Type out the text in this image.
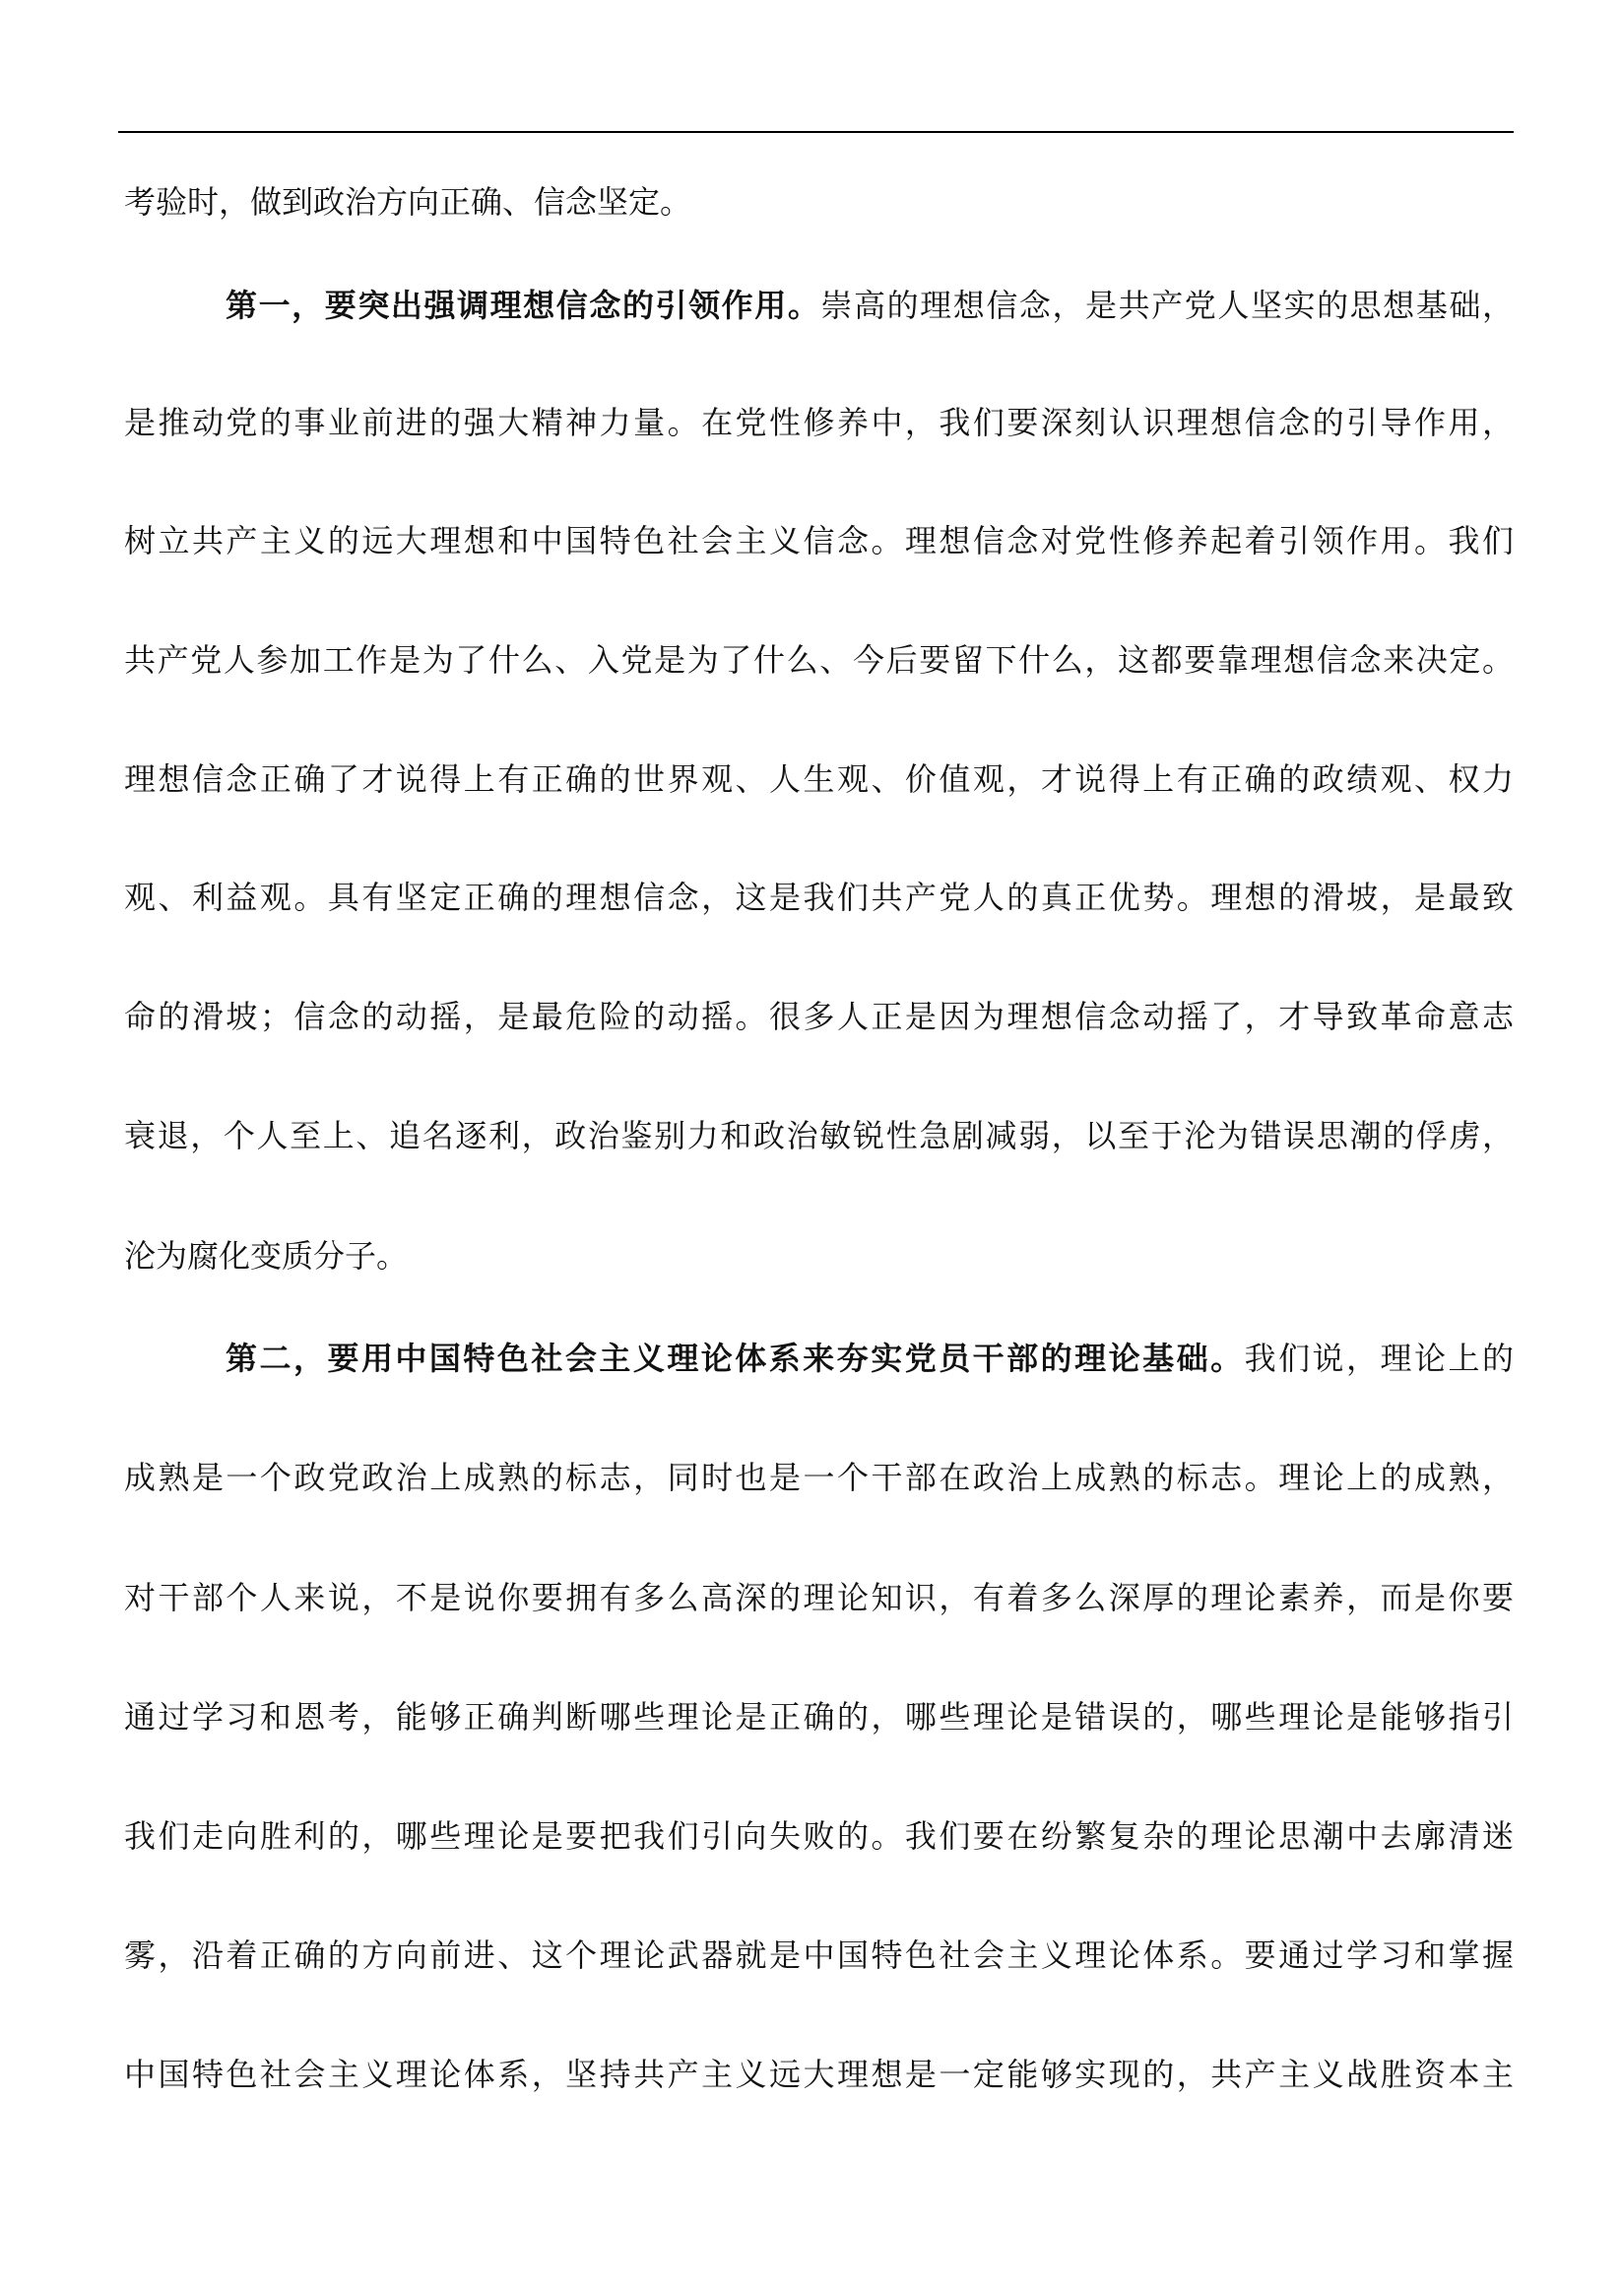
考验时，做到政治方向正确、信念坚定。
第一，要突出强调理想信念的引领作用。崇高的理想信念，是共产党人坚实的思想基础，
是推动党的事业前进的强大精神力量。在党性修养中，我们要深刻认识理想信念的引导作用，
树立共产主义的远大理想和中国特色社会主义信念。理想信念对党性修养起着引领作用。我们
共产党人参加工作是为了什么、入党是为了什么、今后要留下什么，这都要靠理想信念来决定。
理想信念正确了才说得上有正确的世界观、人生观、价值观，才说得上有正确的政绩观、权力
观、利益观。具有坚定正确的理想信念，这是我们共产党人的真正优势。理想的滑坡，是最致
命的滑坡；信念的动摇，是最危险的动摇。很多人正是因为理想信念动摇了，才导致革命意志
衰退，个人至上、追名逐利，政治鉴别力和政治敏锐性急剧减弱，以至于沦为错误思潮的俘虏，
沦为腐化变质分子。
第二，要用中国特色社会主义理论体系来夯实党员干部的理论基础。我们说，理论上的
成熟是一个政党政治上成熟的标志，同时也是一个干部在政治上成熟的标志。理论上的成熟，
对干部个人来说，不是说你要拥有多么高深的理论知识，有着多么深厚的理论素养，而是你要
通过学习和恩考，能够正确判断哪些理论是正确的，哪些理论是错误的，哪些理论是能够指引
我们走向胜利的，哪些理论是要把我们引向失败的。我们要在纷繁复杂的理论思潮中去廓清迷
雾，沿着正确的方向前进、这个理论武器就是中国特色社会主义理论体系。要通过学习和掌握
中国特色社会主义理论体系，坚持共产主义远大理想是一定能够实现的，共产主义战胜资本主
